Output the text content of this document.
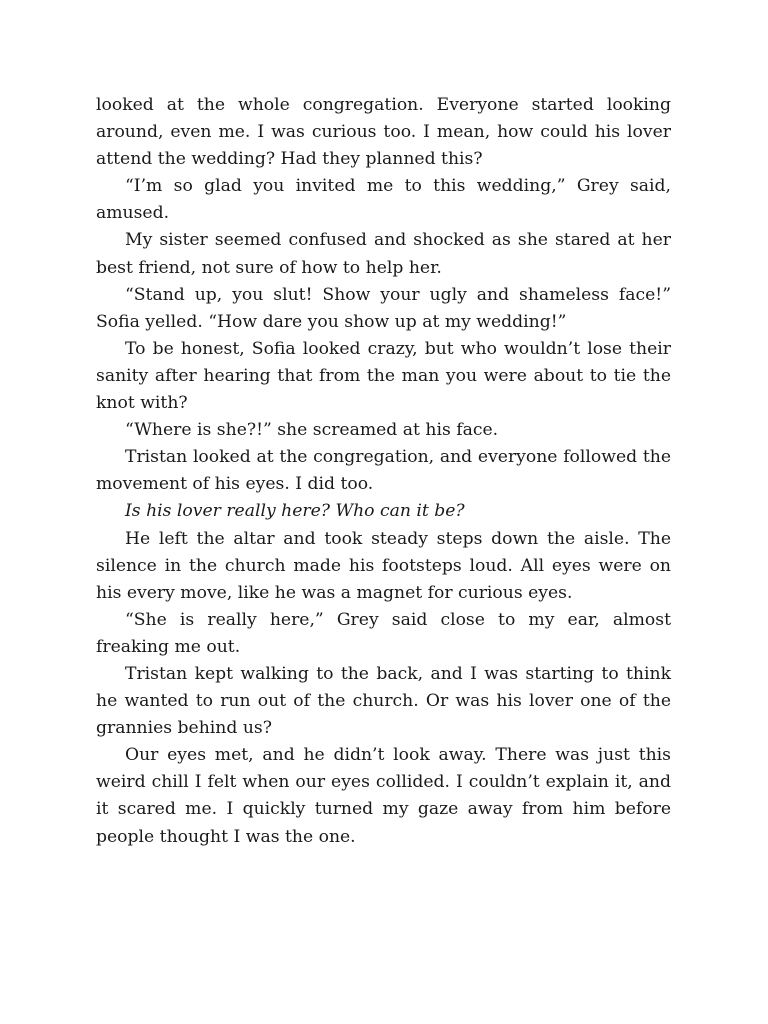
looked at the whole congregation. Everyone started looking around, even me. I was curious too. I mean, how could his lover attend the wedding? Had they planned this?

“I’m so glad you invited me to this wedding,” Grey said, amused.

My sister seemed confused and shocked as she stared at her best friend, not sure of how to help her.

“Stand up, you slut! Show your ugly and shameless face!” Sofia yelled. “How dare you show up at my wedding!”

To be honest, Sofia looked crazy, but who wouldn’t lose their sanity after hearing that from the man you were about to tie the knot with?

“Where is she?!” she screamed at his face.

Tristan looked at the congregation, and everyone followed the movement of his eyes. I did too.

Is his lover really here? Who can it be?

He left the altar and took steady steps down the aisle. The silence in the church made his footsteps loud. All eyes were on his every move, like he was a magnet for curious eyes.

“She is really here,” Grey said close to my ear, almost freaking me out.

Tristan kept walking to the back, and I was starting to think he wanted to run out of the church. Or was his lover one of the grannies behind us?

Our eyes met, and he didn’t look away. There was just this weird chill I felt when our eyes collided. I couldn’t explain it, and it scared me. I quickly turned my gaze away from him before people thought I was the one.
